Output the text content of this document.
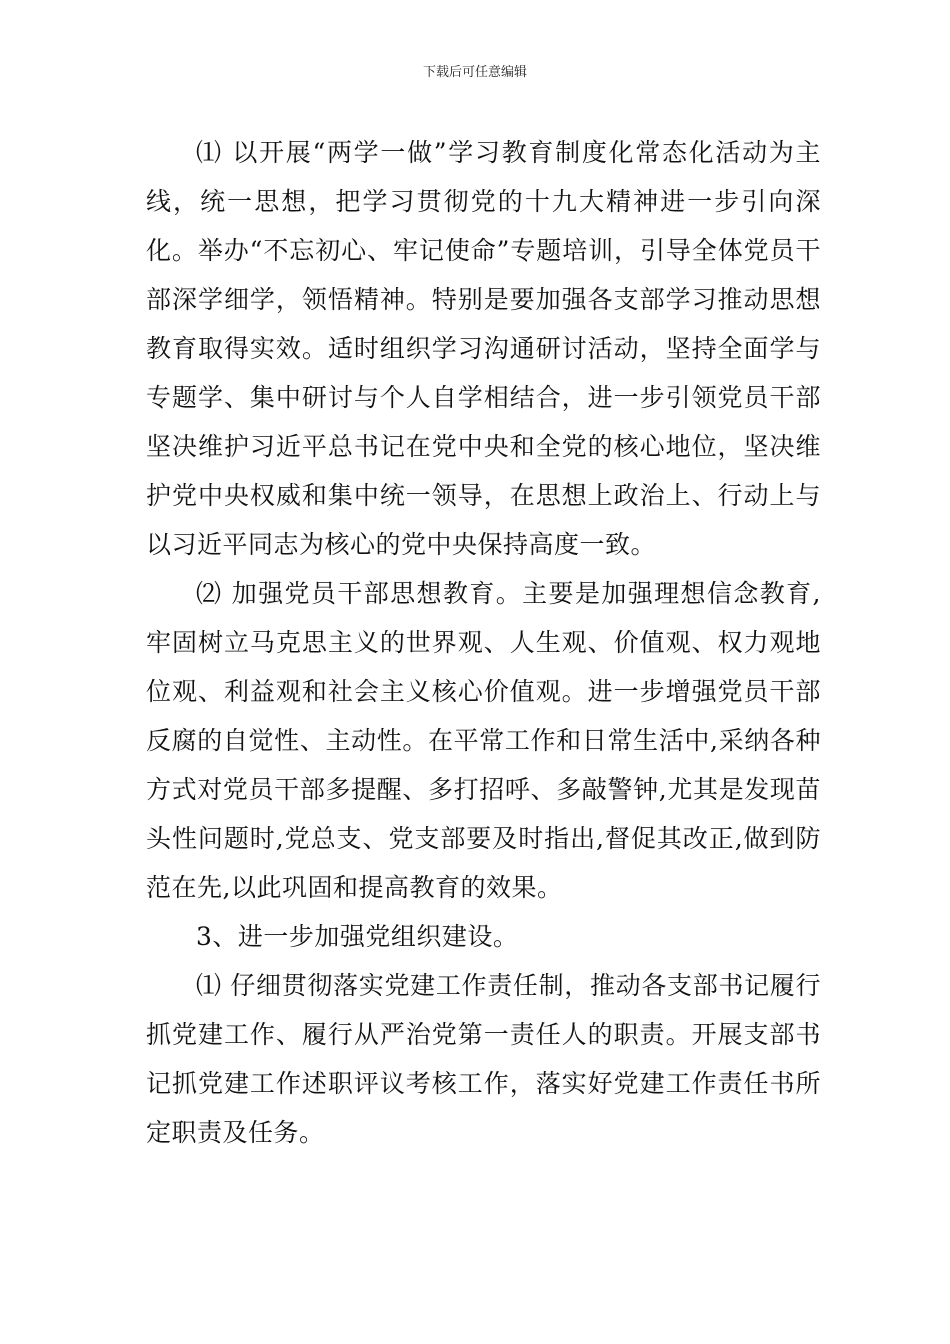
下载后可任意编辑

⑴ 以开展“两学一做”学习教育制度化常态化活动为主线，统一思想，把学习贯彻党的十九大精神进一步引向深化。举办“不忘初心、牢记使命”专题培训，引导全体党员干部深学细学，领悟精神。特别是要加强各支部学习推动思想教育取得实效。适时组织学习沟通研讨活动，坚持全面学与专题学、集中研讨与个人自学相结合，进一步引领党员干部坚决维护习近平总书记在党中央和全党的核心地位，坚决维护党中央权威和集中统一领导，在思想上政治上、行动上与以习近平同志为核心的党中央保持高度一致。

⑵ 加强党员干部思想教育。主要是加强理想信念教育,牢固树立马克思主义的世界观、人生观、价值观、权力观地位观、利益观和社会主义核心价值观。进一步增强党员干部反腐的自觉性、主动性。在平常工作和日常生活中,采纳各种方式对党员干部多提醒、多打招呼、多敲警钟,尤其是发现苗头性问题时,党总支、党支部要及时指出,督促其改正,做到防范在先,以此巩固和提高教育的效果。

3、进一步加强党组织建设。

⑴ 仔细贯彻落实党建工作责任制，推动各支部书记履行抓党建工作、履行从严治党第一责任人的职责。开展支部书记抓党建工作述职评议考核工作，落实好党建工作责任书所定职责及任务。
